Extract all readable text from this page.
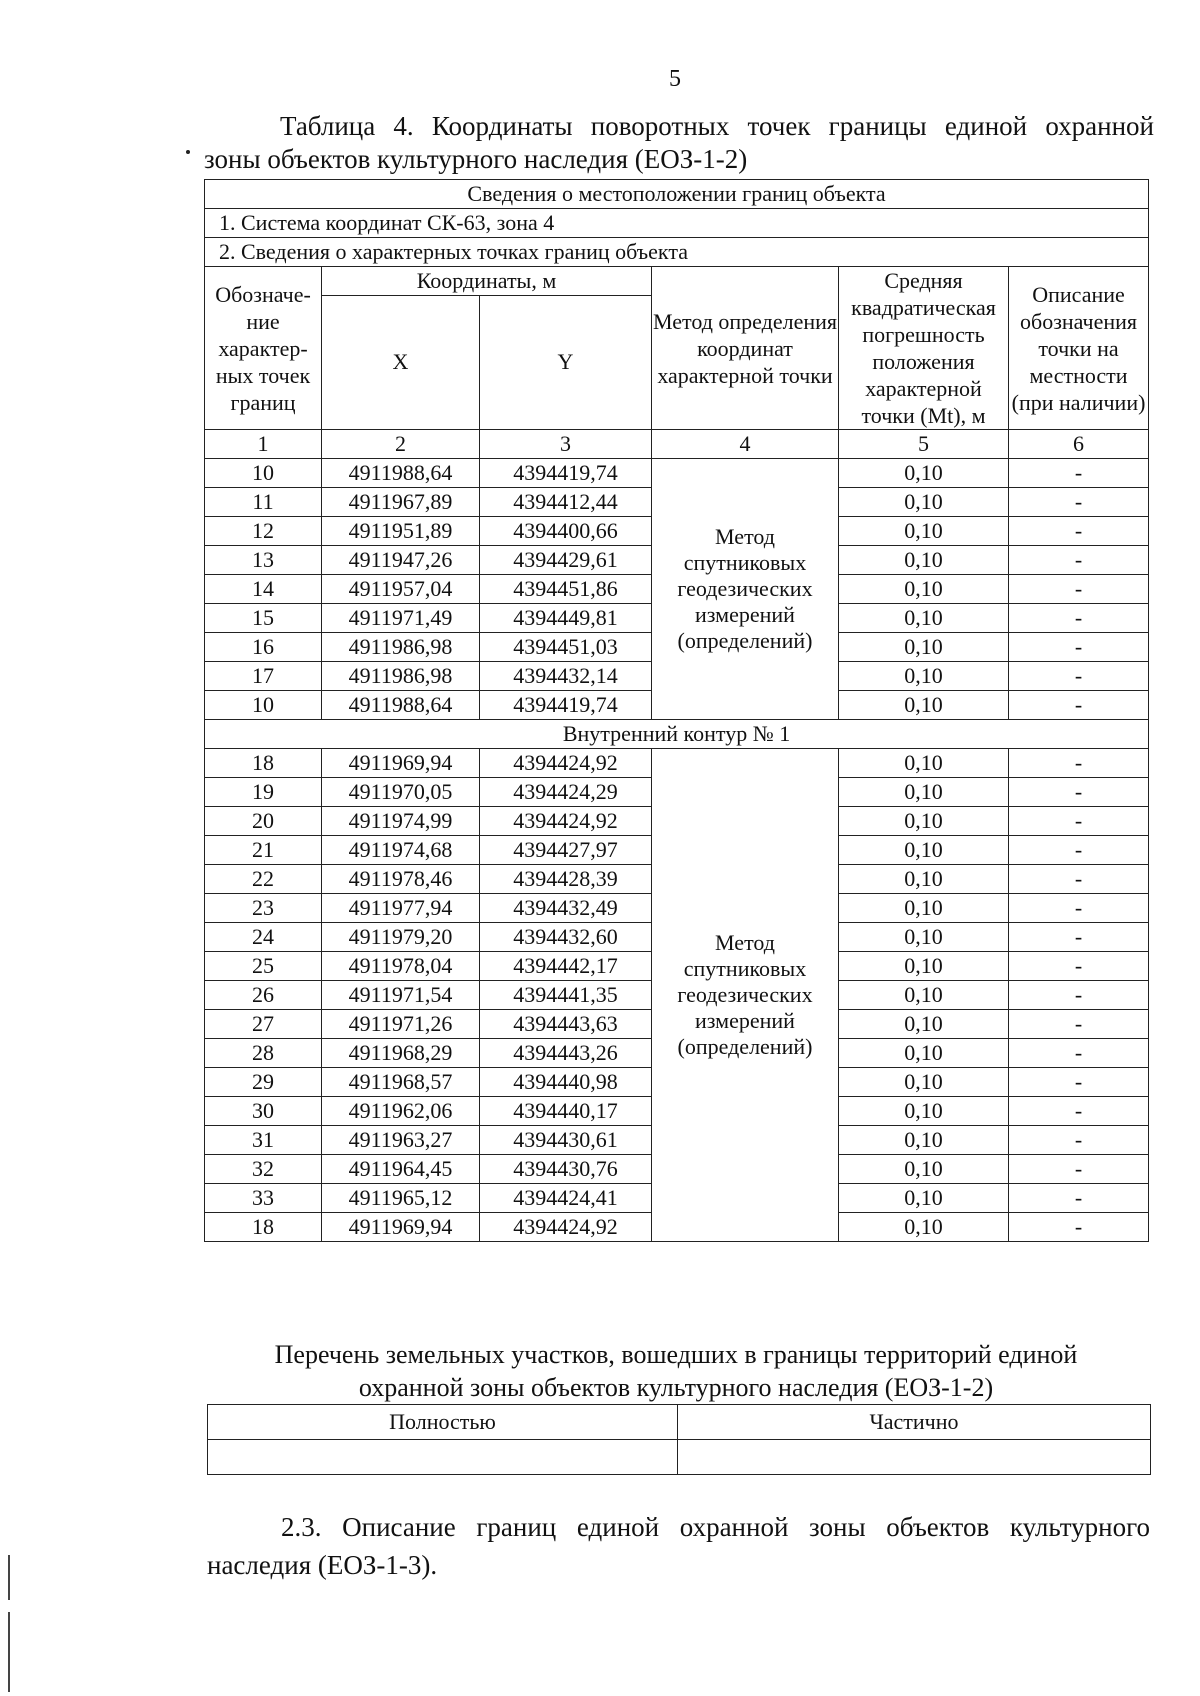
5
Таблица 4. Координаты поворотных точек границы единой охранной
зоны объектов культурного наследия (ЕОЗ-1-2)
Сведения о местоположении границ объекта					
1. Система координат СК-63, зона 4					
2. Сведения о характерных точках границ объекта					
Обозначе-ние характер-ных точек границ	Координаты, м		Метод определения координат характерной точки	Средняя квадратическая погрешность положения характерной точки (Mt), м	Описание обозначения точки на местности (при наличии)
	X	Y			
1	2	3	4	5	6
10	4911988,64	4394419,74	Метод спутниковых геодезических измерений (определений)	0,10	-
11	4911967,89	4394412,44		0,10	-
12	4911951,89	4394400,66		0,10	-
13	4911947,26	4394429,61		0,10	-
14	4911957,04	4394451,86		0,10	-
15	4911971,49	4394449,81		0,10	-
16	4911986,98	4394451,03		0,10	-
17	4911986,98	4394432,14		0,10	-
10	4911988,64	4394419,74		0,10	-
Внутренний контур № 1					
18	4911969,94	4394424,92	Метод спутниковых геодезических измерений (определений)	0,10	-
19	4911970,05	4394424,29		0,10	-
20	4911974,99	4394424,92		0,10	-
21	4911974,68	4394427,97		0,10	-
22	4911978,46	4394428,39		0,10	-
23	4911977,94	4394432,49		0,10	-
24	4911979,20	4394432,60		0,10	-
25	4911978,04	4394442,17		0,10	-
26	4911971,54	4394441,35		0,10	-
27	4911971,26	4394443,63		0,10	-
28	4911968,29	4394443,26		0,10	-
29	4911968,57	4394440,98		0,10	-
30	4911962,06	4394440,17		0,10	-
31	4911963,27	4394430,61		0,10	-
32	4911964,45	4394430,76		0,10	-
33	4911965,12	4394424,41		0,10	-
18	4911969,94	4394424,92		0,10	-
Перечень земельных участков, вошедших в границы территорий единой
охранной зоны объектов культурного наследия (ЕОЗ-1-2)
Полностью	Частично

2.3. Описание границ единой охранной зоны объектов культурного
наследия (ЕОЗ-1-3).
